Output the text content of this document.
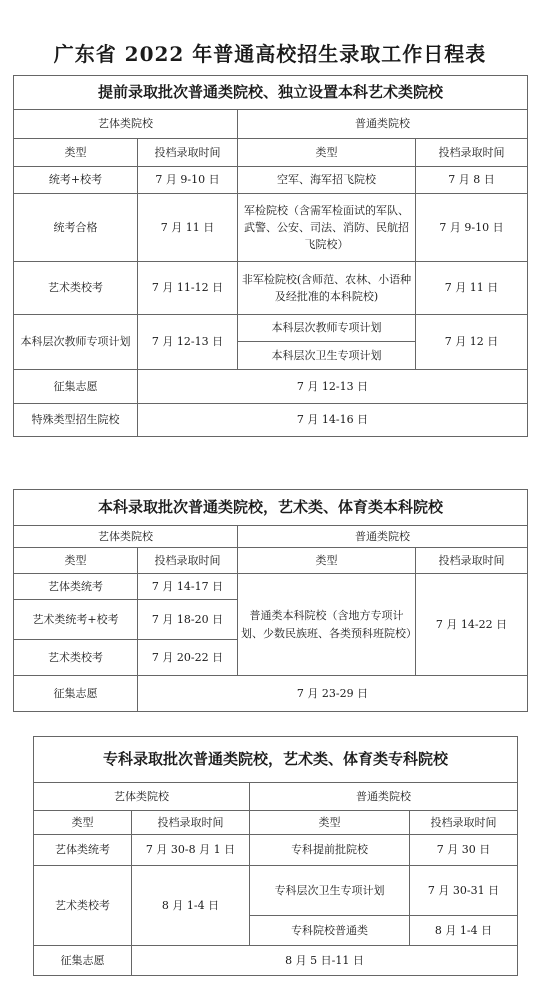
广东省 2022 年普通高校招生录取工作日程表
提前录取批次普通类院校、独立设置本科艺术类院校			
艺体类院校		普通类院校	
类型	投档录取时间	类型	投档录取时间
统考+校考	7 月 9-10 日	空军、海军招飞院校	7 月 8 日
统考合格	7 月 11 日	军检院校（含需军检面试的军队、武警、公安、司法、消防、民航招飞院校）	7 月 9-10 日
艺术类校考	7 月 11-12 日	非军检院校(含师范、农林、小语种及经批准的本科院校)	7 月 11 日
本科层次教师专项计划	7 月 12-13 日	本科层次教师专项计划	7 月 12 日
		本科层次卫生专项计划	
征集志愿	7 月 12-13 日		
特殊类型招生院校	7 月 14-16 日		
本科录取批次普通类院校，艺术类、体育类本科院校			
艺体类院校		普通类院校	
类型	投档录取时间	类型	投档录取时间
艺体类统考	7 月 14-17 日	普通类本科院校（含地方专项计划、少数民族班、各类预科班院校）	7 月 14-22 日
艺术类统考+校考	7 月 18-20 日		
艺术类校考	7 月 20-22 日		
征集志愿	7 月 23-29 日		
专科录取批次普通类院校，艺术类、体育类专科院校			
艺体类院校		普通类院校	
类型	投档录取时间	类型	投档录取时间
艺体类统考	7 月 30-8 月 1 日	专科提前批院校	7 月 30 日
艺术类校考	8 月 1-4 日	专科层次卫生专项计划	7 月 30-31 日
		专科院校普通类	8 月 1-4 日
征集志愿	8 月 5 日-11 日		
